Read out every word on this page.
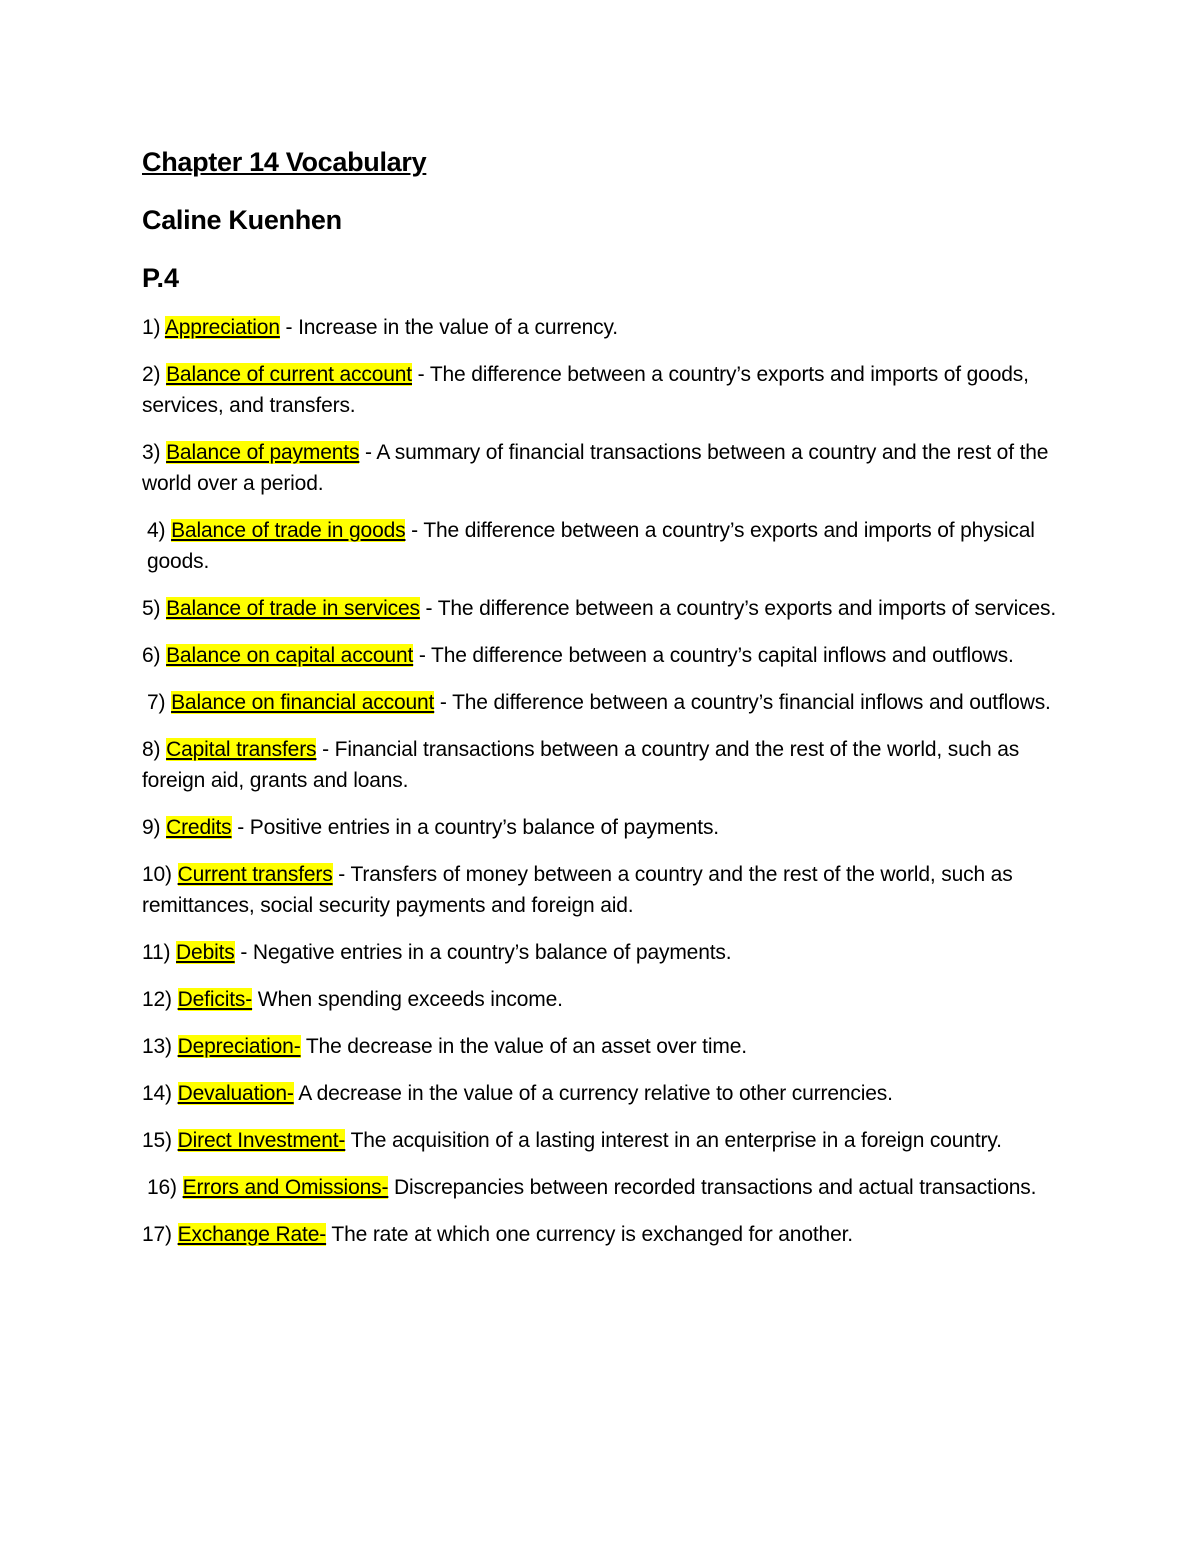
Chapter 14 Vocabulary
Caline Kuenhen
P.4
1) Appreciation - Increase in the value of a currency.
2) Balance of current account - The difference between a country’s exports and imports of goods, services, and transfers.
3) Balance of payments - A summary of financial transactions between a country and the rest of the world over a period.
4) Balance of trade in goods - The difference between a country’s exports and imports of physical goods.
5) Balance of trade in services - The difference between a country’s exports and imports of services.
6) Balance on capital account - The difference between a country’s capital inflows and outflows.
7) Balance on financial account - The difference between a country’s financial inflows and outflows.
8) Capital transfers - Financial transactions between a country and the rest of the world, such as foreign aid, grants and loans.
9) Credits - Positive entries in a country’s balance of payments.
10) Current transfers - Transfers of money between a country and the rest of the world, such as remittances, social security payments and foreign aid.
11) Debits - Negative entries in a country’s balance of payments.
12) Deficits- When spending exceeds income.
13) Depreciation- The decrease in the value of an asset over time.
14) Devaluation- A decrease in the value of a currency relative to other currencies.
15) Direct Investment- The acquisition of a lasting interest in an enterprise in a foreign country.
16) Errors and Omissions- Discrepancies between recorded transactions and actual transactions.
17) Exchange Rate- The rate at which one currency is exchanged for another.
